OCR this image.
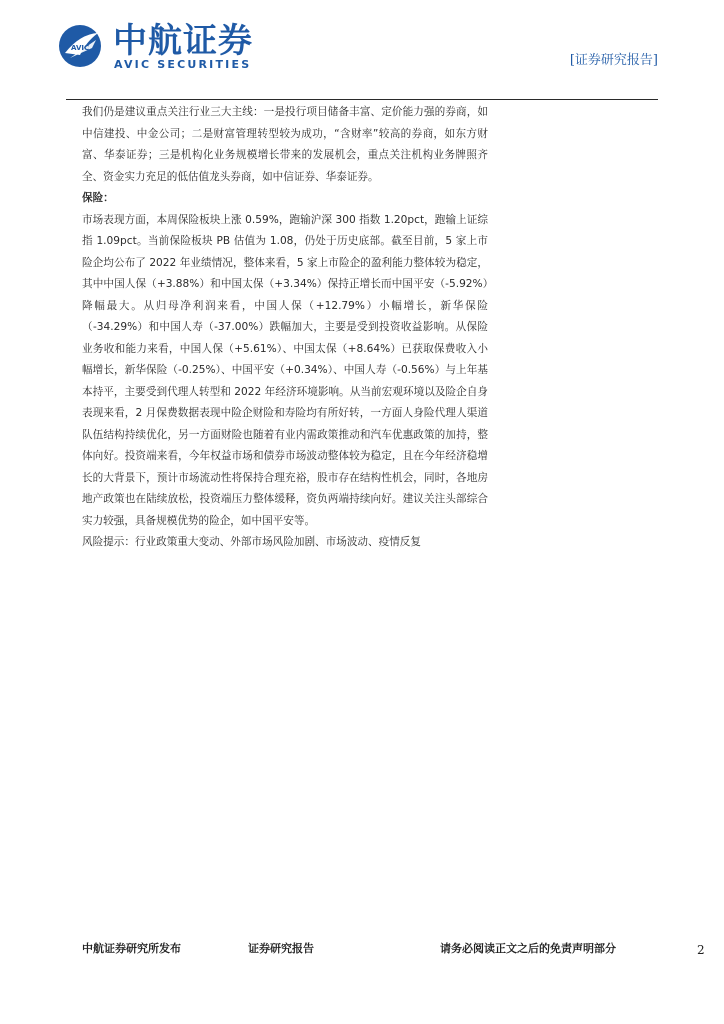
AVIC 中航证券
AVIC SECURITIES	[证券研究报告]

我们仍是建议重点关注行业三大主线：一是投行项目储备丰富、定价能力强的券商，如中信建投、中金公司；二是财富管理转型较为成功，“含财率”较高的券商，如东方财富、华泰证券；三是机构化业务规模增长带来的发展机会，重点关注机构业务牌照齐全、资金实力充足的低估值龙头券商，如中信证券、华泰证券。

保险：

市场表现方面，本周保险板块上涨 0.59%，跑输沪深 300 指数 1.20pct，跑输上证综指 1.09pct。当前保险板块 PB 估值为 1.08，仍处于历史底部。截至目前，5 家上市险企均公布了 2022 年业绩情况，整体来看，5 家上市险企的盈利能力整体较为稳定，其中中国人保（+3.88%）和中国太保（+3.34%）保持正增长而中国平安（-5.92%）降幅最大。从归母净利润来看，中国人保（+12.79%）小幅增长，新华保险（-34.29%）和中国人寿（-37.00%）跌幅加大，主要是受到投资收益影响。从保险业务收和能力来看，中国人保（+5.61%）、中国太保（+8.64%）已获取保费收入小幅增长，新华保险（-0.25%）、中国平安（+0.34%）、中国人寿（-0.56%）与上年基本持平，主要受到代理人转型和 2022 年经济环境影响。从当前宏观环境以及险企自身表现来看，2 月保费数据表现中险企财险和寿险均有所好转，一方面人身险代理人渠道队伍结构持续优化，另一方面财险也随着有业内需政策推动和汽车优惠政策的加持，整体向好。投资端来看，今年权益市场和债券市场波动整体较为稳定，且在今年经济稳增长的大背景下，预计市场流动性将保持合理充裕，股市存在结构性机会，同时，各地房地产政策也在陆续放松，投资端压力整体缓释，资负两端持续向好。建议关注头部综合实力较强，具备规模优势的险企，如中国平安等。

风险提示：行业政策重大变动、外部市场风险加剧、市场波动、疫情反复
中航证券研究所发布	证券研究报告	请务必阅读正文之后的免责声明部分	2
